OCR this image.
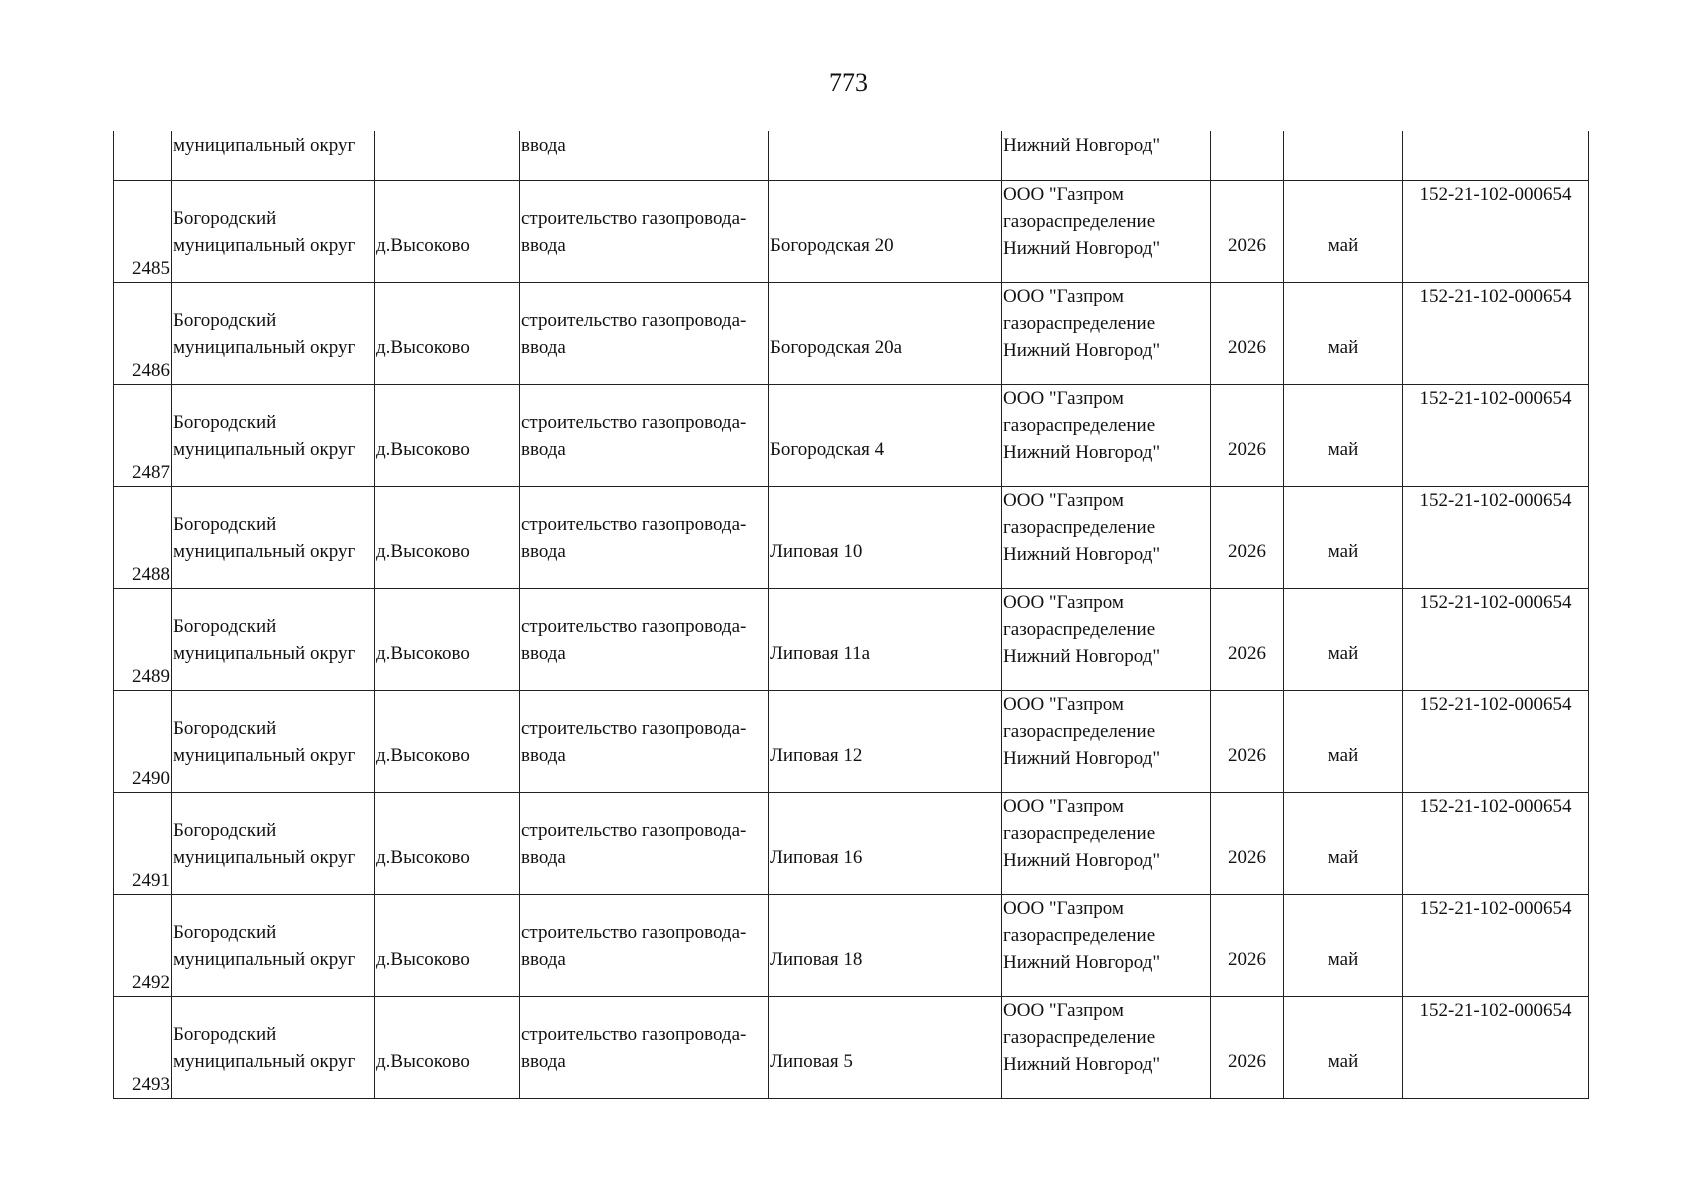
773

	муниципальный округ		ввода		Нижний Новгород"			

2485	Богородский
муниципальный округ	д.Высоково	строительство газопровода-
ввода	Богородская 20	ООО "Газпром
газораспределение
Нижний Новгород"	2026	май	152-21-102-000654

2486	Богородский
муниципальный округ	д.Высоково	строительство газопровода-
ввода	Богородская 20а	ООО "Газпром
газораспределение
Нижний Новгород"	2026	май	152-21-102-000654

2487	Богородский
муниципальный округ	д.Высоково	строительство газопровода-
ввода	Богородская 4	ООО "Газпром
газораспределение
Нижний Новгород"	2026	май	152-21-102-000654

2488	Богородский
муниципальный округ	д.Высоково	строительство газопровода-
ввода	Липовая 10	ООО "Газпром
газораспределение
Нижний Новгород"	2026	май	152-21-102-000654

2489	Богородский
муниципальный округ	д.Высоково	строительство газопровода-
ввода	Липовая 11а	ООО "Газпром
газораспределение
Нижний Новгород"	2026	май	152-21-102-000654

2490	Богородский
муниципальный округ	д.Высоково	строительство газопровода-
ввода	Липовая 12	ООО "Газпром
газораспределение
Нижний Новгород"	2026	май	152-21-102-000654

2491	Богородский
муниципальный округ	д.Высоково	строительство газопровода-
ввода	Липовая 16	ООО "Газпром
газораспределение
Нижний Новгород"	2026	май	152-21-102-000654

2492	Богородский
муниципальный округ	д.Высоково	строительство газопровода-
ввода	Липовая 18	ООО "Газпром
газораспределение
Нижний Новгород"	2026	май	152-21-102-000654

2493	Богородский
муниципальный округ	д.Высоково	строительство газопровода-
ввода	Липовая 5	ООО "Газпром
газораспределение
Нижний Новгород"	2026	май	152-21-102-000654
